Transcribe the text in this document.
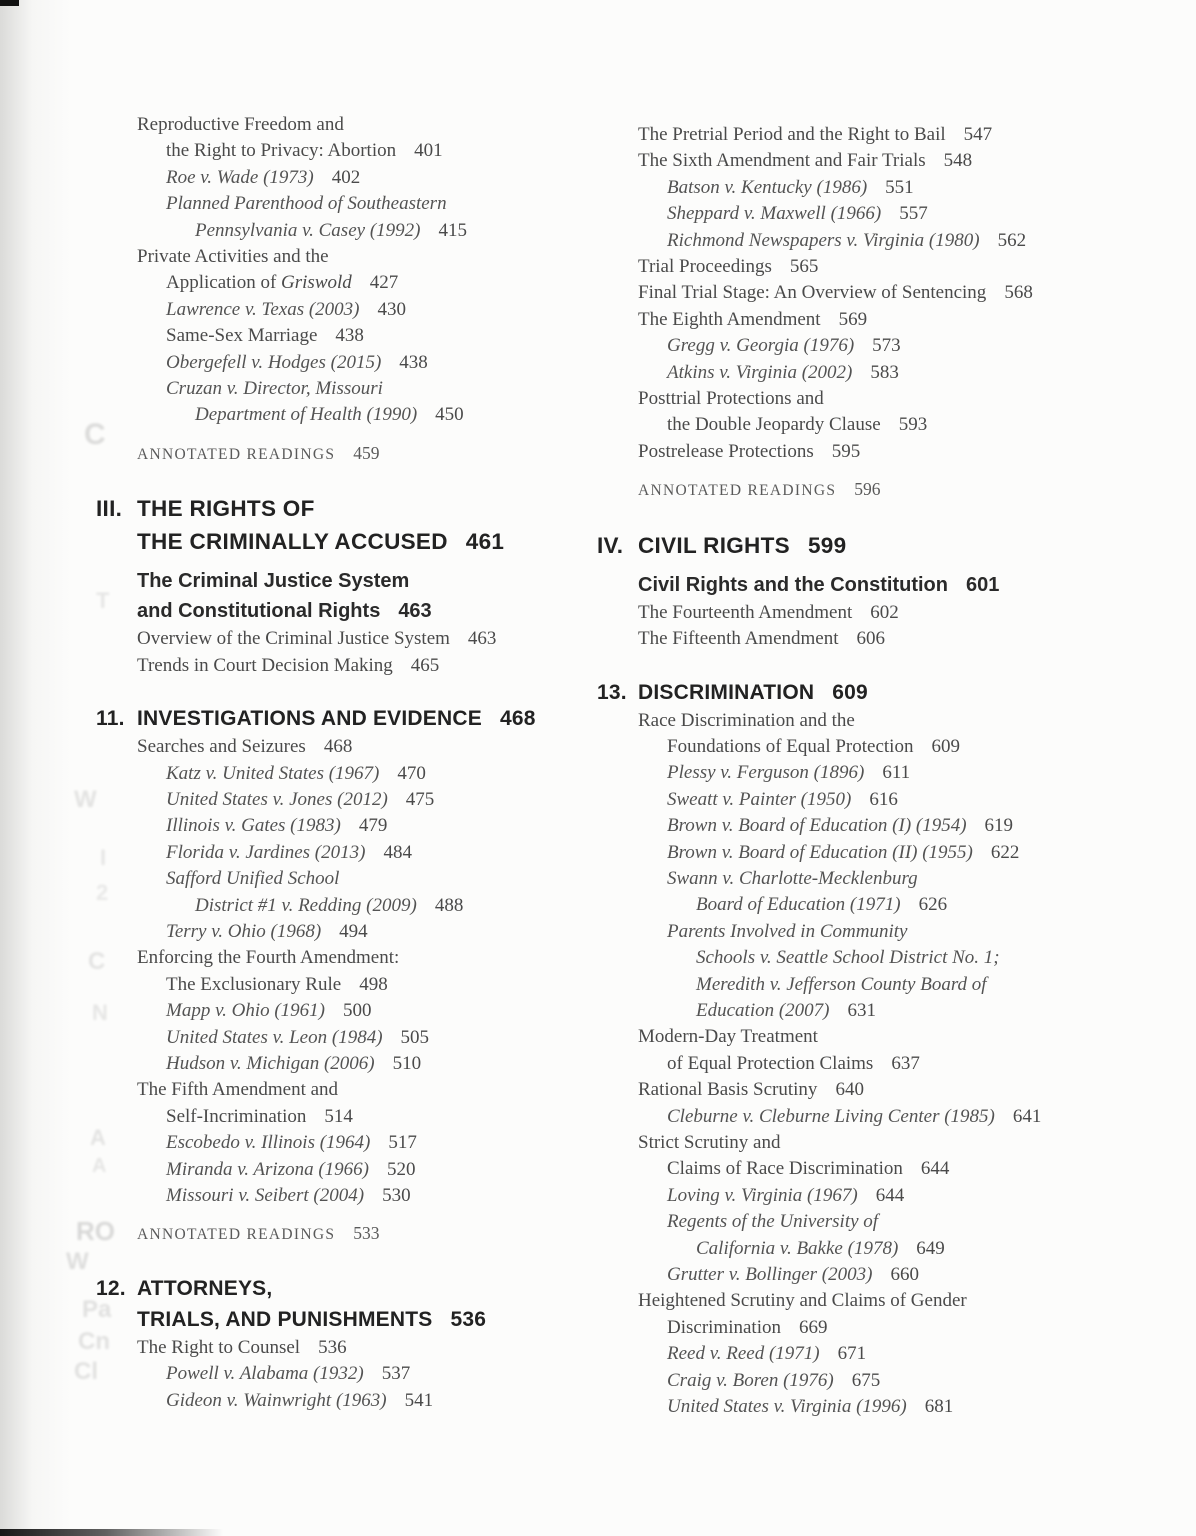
C
T
W
I
2
C
N
A
A
RO
W
Pa
Cn
Cl
Reproductive Freedom and
the Right to Privacy: Abortion 401
Roe v. Wade (1973) 402
Planned Parenthood of Southeastern
Pennsylvania v. Casey (1992) 415
Private Activities and the
Application of Griswold 427
Lawrence v. Texas (2003) 430
Same-Sex Marriage 438
Obergefell v. Hodges (2015) 438
Cruzan v. Director, Missouri
Department of Health (1990) 450
ANNOTATED READINGS 459
III. THE RIGHTS OF
THE CRIMINALLY ACCUSED 461
The Criminal Justice System
and Constitutional Rights 463
Overview of the Criminal Justice System 463
Trends in Court Decision Making 465
11. INVESTIGATIONS AND EVIDENCE 468
Searches and Seizures 468
Katz v. United States (1967) 470
United States v. Jones (2012) 475
Illinois v. Gates (1983) 479
Florida v. Jardines (2013) 484
Safford Unified School
District #1 v. Redding (2009) 488
Terry v. Ohio (1968) 494
Enforcing the Fourth Amendment:
The Exclusionary Rule 498
Mapp v. Ohio (1961) 500
United States v. Leon (1984) 505
Hudson v. Michigan (2006) 510
The Fifth Amendment and
Self-Incrimination 514
Escobedo v. Illinois (1964) 517
Miranda v. Arizona (1966) 520
Missouri v. Seibert (2004) 530
ANNOTATED READINGS 533
12. ATTORNEYS,
TRIALS, AND PUNISHMENTS 536
The Right to Counsel 536
Powell v. Alabama (1932) 537
Gideon v. Wainwright (1963) 541
The Pretrial Period and the Right to Bail 547
The Sixth Amendment and Fair Trials 548
Batson v. Kentucky (1986) 551
Sheppard v. Maxwell (1966) 557
Richmond Newspapers v. Virginia (1980) 562
Trial Proceedings 565
Final Trial Stage: An Overview of Sentencing 568
The Eighth Amendment 569
Gregg v. Georgia (1976) 573
Atkins v. Virginia (2002) 583
Posttrial Protections and
the Double Jeopardy Clause 593
Postrelease Protections 595
ANNOTATED READINGS 596
IV. CIVIL RIGHTS 599
Civil Rights and the Constitution 601
The Fourteenth Amendment 602
The Fifteenth Amendment 606
13. DISCRIMINATION 609
Race Discrimination and the
Foundations of Equal Protection 609
Plessy v. Ferguson (1896) 611
Sweatt v. Painter (1950) 616
Brown v. Board of Education (I) (1954) 619
Brown v. Board of Education (II) (1955) 622
Swann v. Charlotte-Mecklenburg
Board of Education (1971) 626
Parents Involved in Community
Schools v. Seattle School District No. 1;
Meredith v. Jefferson County Board of
Education (2007) 631
Modern-Day Treatment
of Equal Protection Claims 637
Rational Basis Scrutiny 640
Cleburne v. Cleburne Living Center (1985) 641
Strict Scrutiny and
Claims of Race Discrimination 644
Loving v. Virginia (1967) 644
Regents of the University of
California v. Bakke (1978) 649
Grutter v. Bollinger (2003) 660
Heightened Scrutiny and Claims of Gender
Discrimination 669
Reed v. Reed (1971) 671
Craig v. Boren (1976) 675
United States v. Virginia (1996) 681
